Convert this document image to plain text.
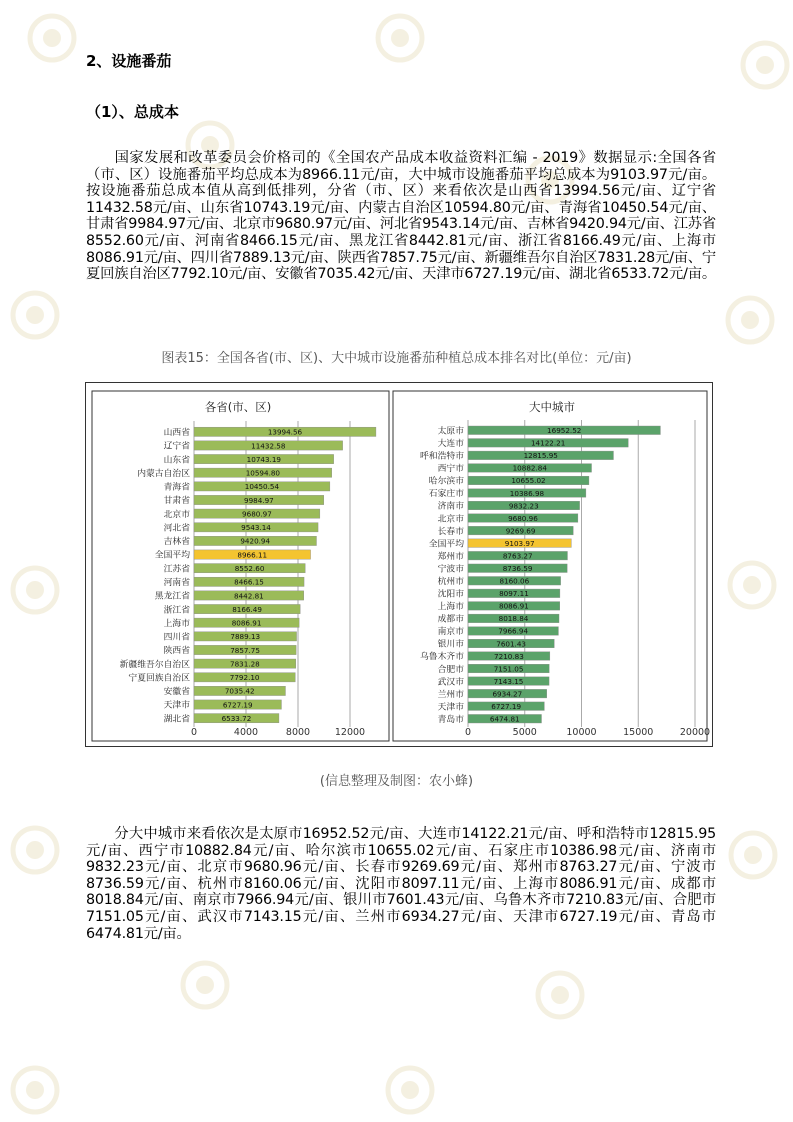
2、设施番茄
（1）、总成本

国家发展和改革委员会价格司的《全国农产品成本收益资料汇编 - 2019》数据显示:全国各省（市、区）设施番茄平均总成本为8966.11元/亩，大中城市设施番茄平均总成本为9103.97元/亩。按设施番茄总成本值从高到低排列，分省（市、区）来看依次是山西省13994.56元/亩、辽宁省11432.58元/亩、山东省10743.19元/亩、内蒙古自治区10594.80元/亩、青海省10450.54元/亩、甘肃省9984.97元/亩、北京市9680.97元/亩、河北省9543.14元/亩、吉林省9420.94元/亩、江苏省8552.60元/亩、河南省8466.15元/亩、黑龙江省8442.81元/亩、浙江省8166.49元/亩、上海市8086.91元/亩、四川省7889.13元/亩、陕西省7857.75元/亩、新疆维吾尔自治区7831.28元/亩、宁夏回族自治区7792.10元/亩、安徽省7035.42元/亩、天津市6727.19元/亩、湖北省6533.72元/亩。

图表15：全国各省(市、区)、大中城市设施番茄种植总成本排名对比(单位：元/亩)
各省(市、区)
13994.56
11432.58
10743.19
10594.80
10450.54
9984.97
9680.97
9543.14
9420.94
8966.11
8552.60
8466.15
8442.81
8166.49
8086.91
7889.13
7857.75
7831.28
7792.10
7035.42
6727.19
6533.72
0	4000	8000	12000
山西省
辽宁省
山东省
内蒙古自治区
青海省
甘肃省
北京市
河北省
吉林省
全国平均
江苏省
河南省
黑龙江省
浙江省
上海市
四川省
陕西省
新疆维吾尔自治区
宁夏回族自治区
安徽省
天津市
湖北省
大中城市
16952.52
14122.21
12815.95
10882.84
10655.02
10386.98
9832.23
9680.96
9269.69
9103.97
8763.27
8736.59
8160.06
8097.11
8086.91
8018.84
7966.94
7601.43
7210.83
7151.05
7143.15
6934.27
6727.19
6474.81
0	5000	10000	15000	20000
太原市
大连市
呼和浩特市
西宁市
哈尔滨市
石家庄市
济南市
北京市
长春市
全国平均
郑州市
宁波市
杭州市
沈阳市
上海市
成都市
南京市
银川市
乌鲁木齐市
合肥市
武汉市
兰州市
天津市
青岛市
(信息整理及制图：农小蜂)

分大中城市来看依次是太原市16952.52元/亩、大连市14122.21元/亩、呼和浩特市12815.95元/亩、西宁市10882.84元/亩、哈尔滨市10655.02元/亩、石家庄市10386.98元/亩、济南市9832.23元/亩、北京市9680.96元/亩、长春市9269.69元/亩、郑州市8763.27元/亩、宁波市8736.59元/亩、杭州市8160.06元/亩、沈阳市8097.11元/亩、上海市8086.91元/亩、成都市8018.84元/亩、南京市7966.94元/亩、银川市7601.43元/亩、乌鲁木齐市7210.83元/亩、合肥市7151.05元/亩、武汉市7143.15元/亩、兰州市6934.27元/亩、天津市6727.19元/亩、青岛市6474.81元/亩。
